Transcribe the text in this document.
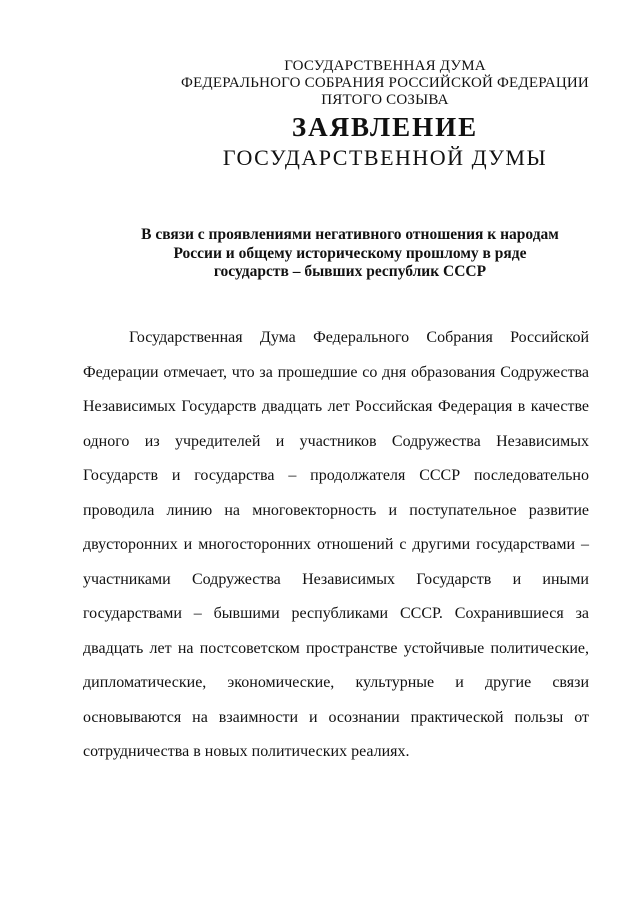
ГОСУДАРСТВЕННАЯ ДУМА
ФЕДЕРАЛЬНОГО СОБРАНИЯ РОССИЙСКОЙ ФЕДЕРАЦИИ
ПЯТОГО СОЗЫВА
ЗАЯВЛЕНИЕ
ГОСУДАРСТВЕННОЙ ДУМЫ
В связи с проявлениями негативного отношения к народам
России и общему историческому прошлому в ряде
государств – бывших республик СССР
Государственная Дума Федерального Собрания Российской
Федерации отмечает, что за прошедшие со дня образования Содружества
Независимых Государств двадцать лет Российская Федерация в качестве
одного из учредителей и участников Содружества Независимых
Государств и государства – продолжателя СССР последовательно
проводила линию на многовекторность и поступательное развитие
двусторонних и многосторонних отношений с другими государствами –
участниками Содружества Независимых Государств и иными
государствами – бывшими республиками СССР. Сохранившиеся за
двадцать лет на постсоветском пространстве устойчивые политические,
дипломатические, экономические, культурные и другие связи
основываются на взаимности и осознании практической пользы от
сотрудничества в новых политических реалиях.
